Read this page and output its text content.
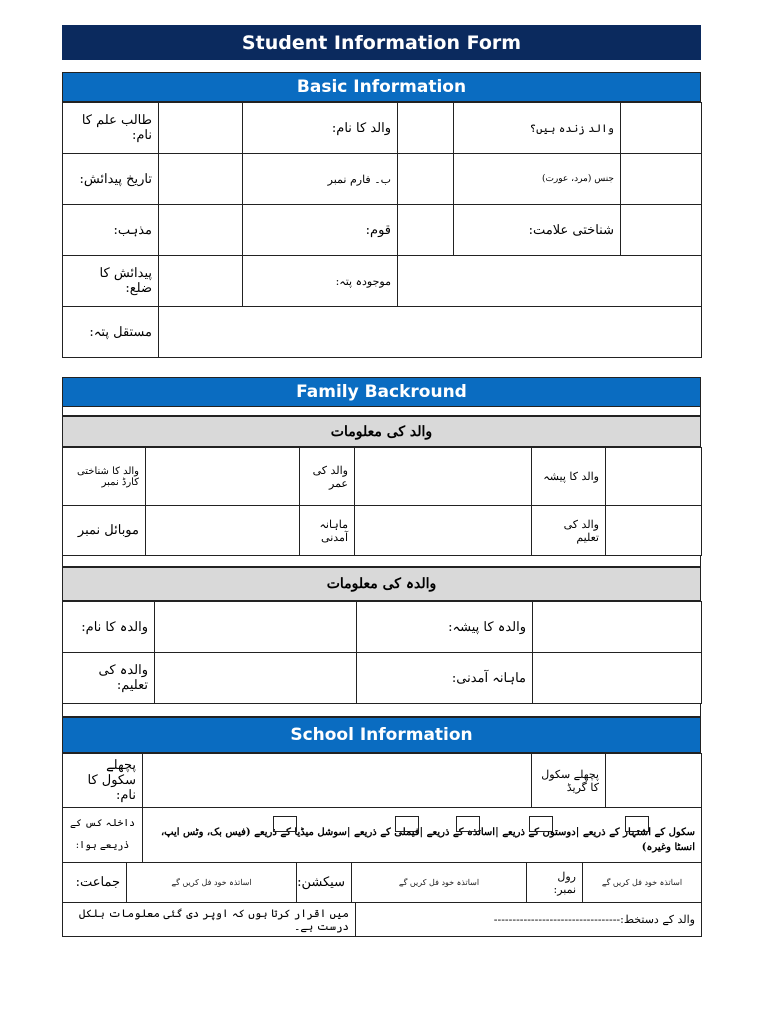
Student Information Form
Basic Information
طالب علم کا نام:		والد کا نام:		والد زندہ ہیں؟	
تاریخ پیدائش:		ب۔ فارم نمبر		جنس (مرد، عورت)	
مذہب:		قوم:		شناختی علامت:	
پیدائش کا ضلع:		موجودہ پتہ:			
مستقل پتہ:					
Family Backround
والد کی معلومات
والد کا شناختی کارڈ نمبر		والد کی عمر		والد کا پیشہ	
موبائل نمبر		ماہانہ آمدنی		والد کی تعلیم	
والدہ کی معلومات
والدہ کا نام:		والدہ کا پیشہ:	
والدہ کی تعلیم:		ماہانہ آمدنی:	
School Information
پچھلے سکول کا نام:		پچھلے سکول کا گریڈ	
داخلہ کس کے ذریعے ہوا:	
سکول کے اشتہار کے ذریعے |دوستوں کے ذریعے |اساتذہ کے ذریعے |فیملی کے ذریعے |سوشل میڈیا کے ذریعے (فیس بک، وٹس ایپ، انسٹا وغیرہ)
جماعت:	اساتذہ خود فل کریں گے	سیکشن:	اساتذہ خود فل کریں گے	رول نمبر:	اساتذہ خود فل کریں گے
میں اقرار کرتا ہوں کہ اوپر دی گئی معلومات بلکل درست ہے۔	والد کے دستخط:----------------------------------
